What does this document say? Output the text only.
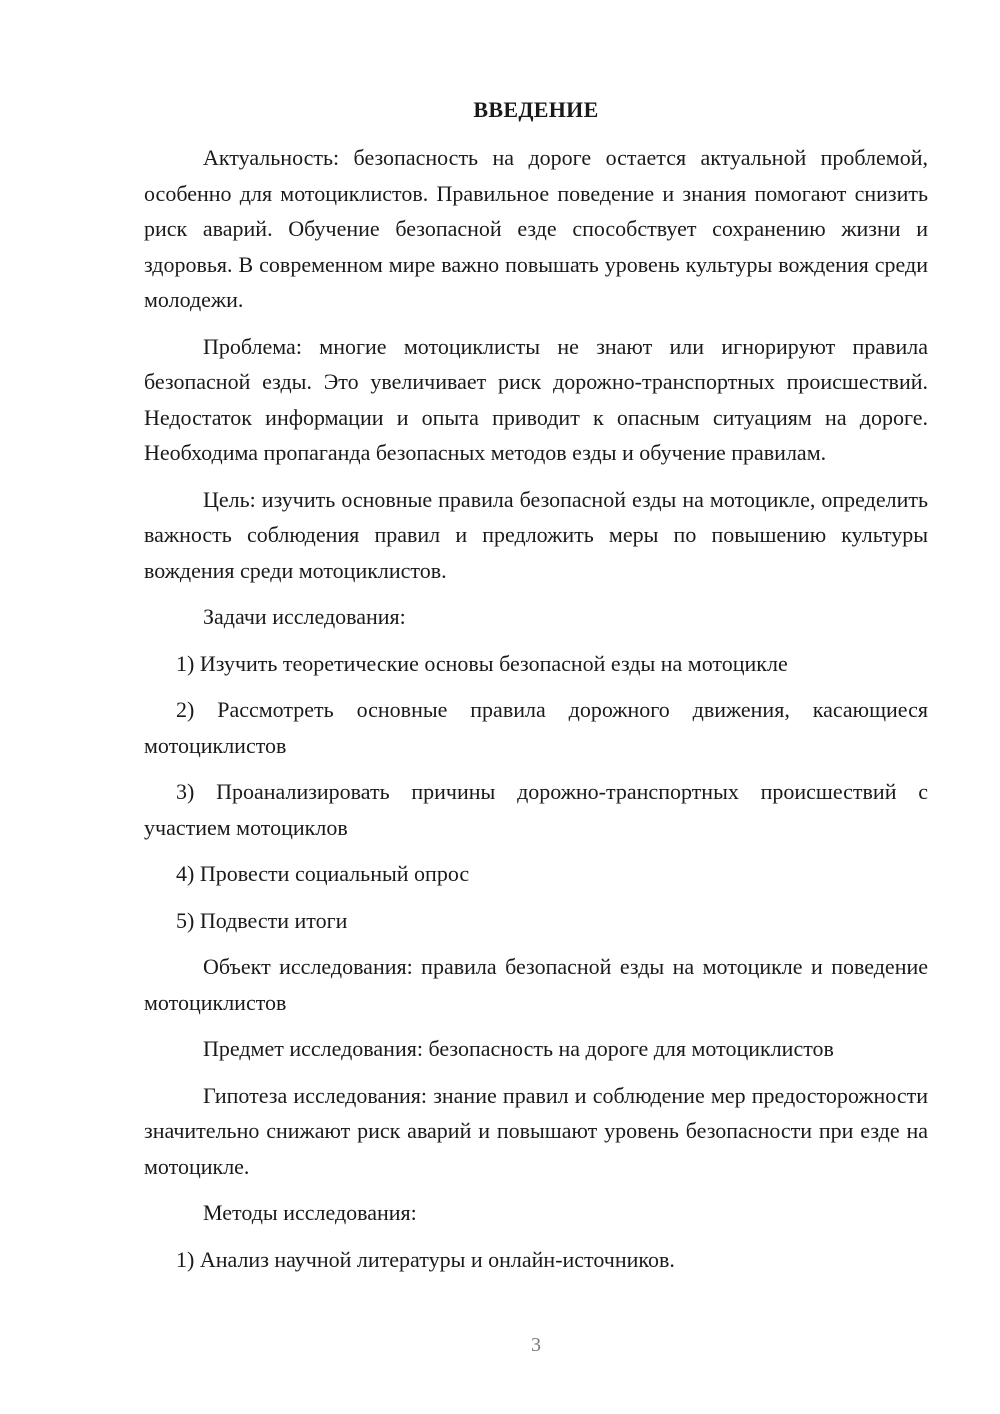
ВВЕДЕНИЕ

Актуальность: безопасность на дороге остается актуальной проблемой, особенно для мотоциклистов. Правильное поведение и знания помогают снизить риск аварий. Обучение безопасной езде способствует сохранению жизни и здоровья. В современном мире важно повышать уровень культуры вождения среди молодежи.

Проблема: многие мотоциклисты не знают или игнорируют правила безопасной езды. Это увеличивает риск дорожно-транспортных происшествий. Недостаток информации и опыта приводит к опасным ситуациям на дороге. Необходима пропаганда безопасных методов езды и обучение правилам.

Цель: изучить основные правила безопасной езды на мотоцикле, определить важность соблюдения правил и предложить меры по повышению культуры вождения среди мотоциклистов.

Задачи исследования:

1) Изучить теоретические основы безопасной езды на мотоцикле

2) Рассмотреть основные правила дорожного движения, касающиеся мотоциклистов

3) Проанализировать причины дорожно-транспортных происшествий с участием мотоциклов

4) Провести социальный опрос

5) Подвести итоги

Объект исследования: правила безопасной езды на мотоцикле и поведение мотоциклистов

Предмет исследования: безопасность на дороге для мотоциклистов

Гипотеза исследования: знание правил и соблюдение мер предосторожности значительно снижают риск аварий и повышают уровень безопасности при езде на мотоцикле.

Методы исследования:

1) Анализ научной литературы и онлайн-источников.

3
